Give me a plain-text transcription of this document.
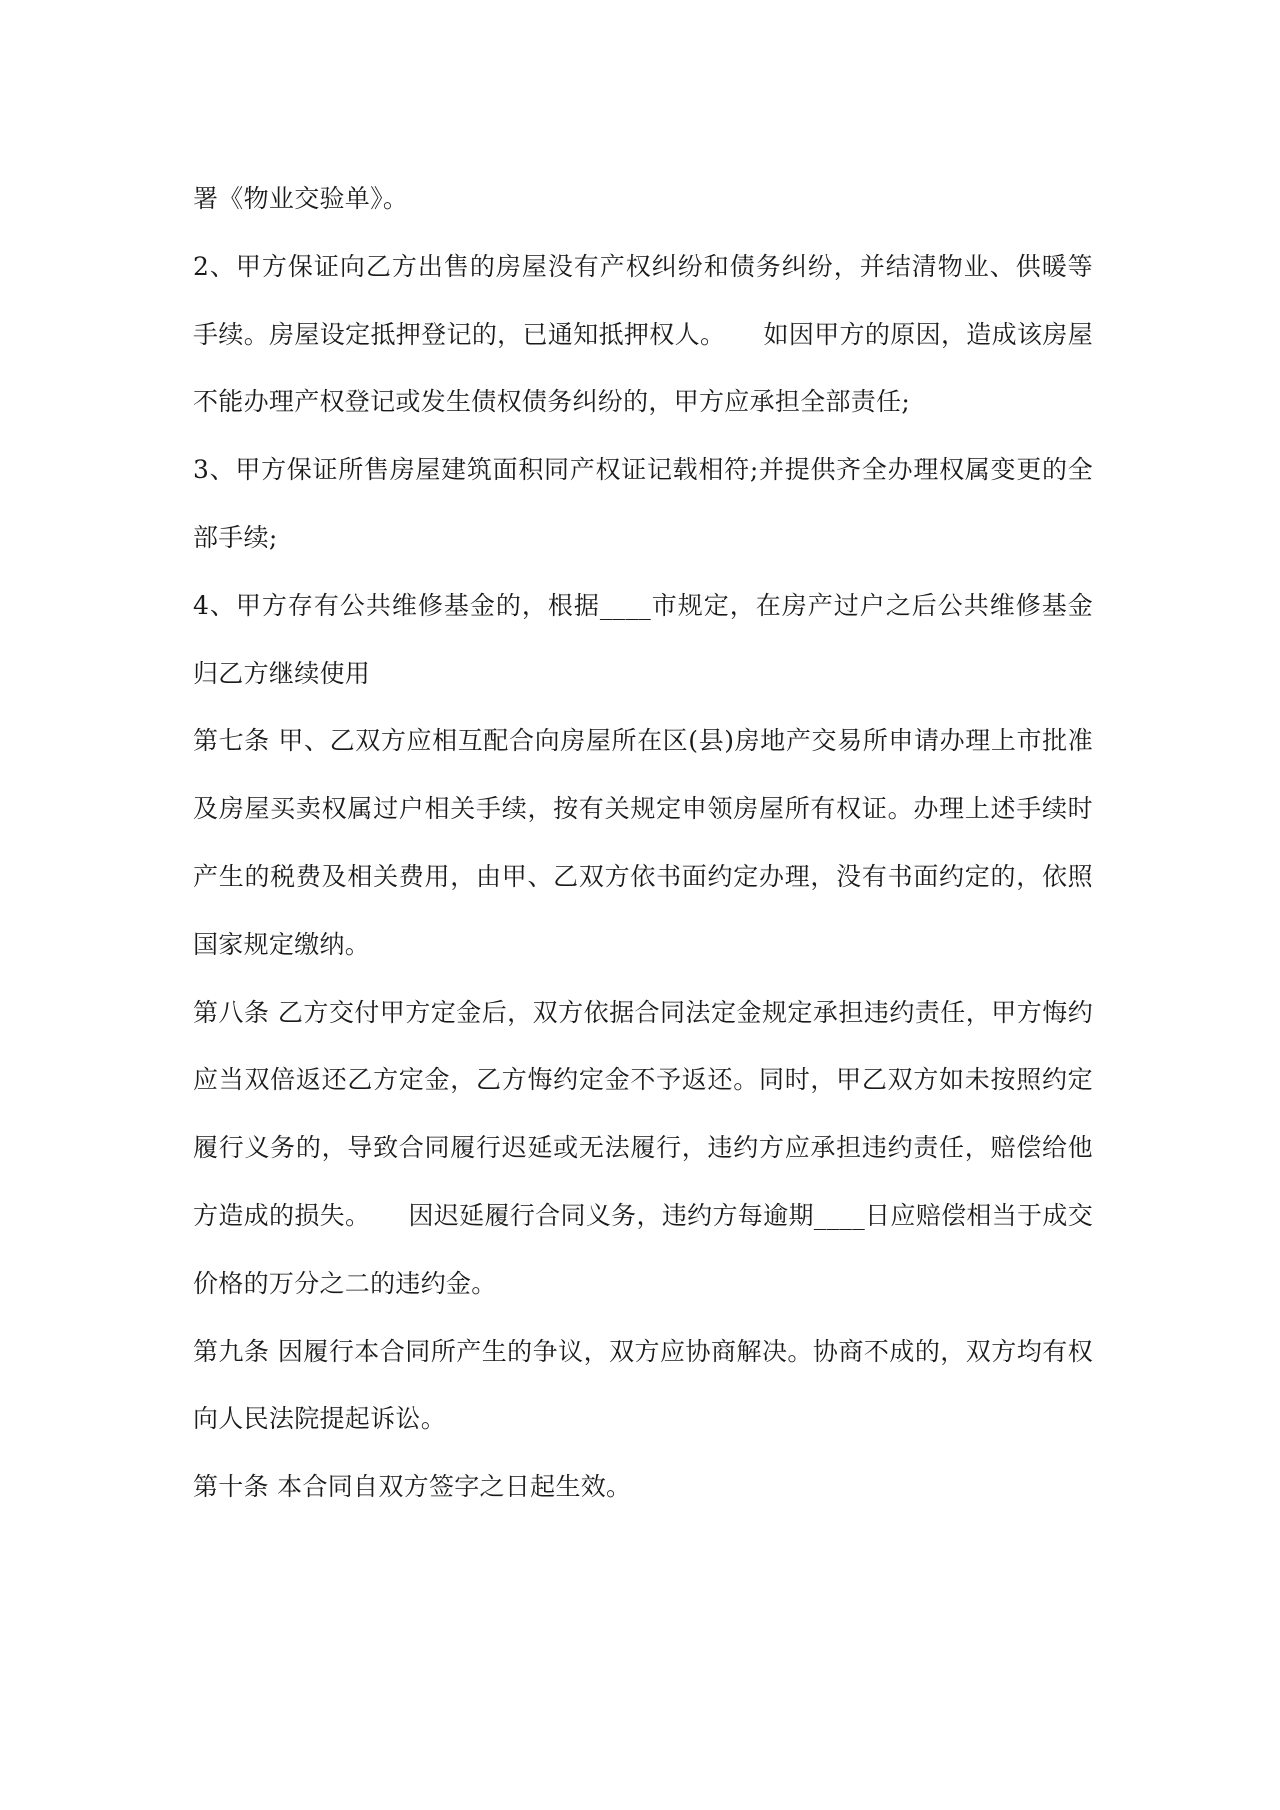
署《物业交验单》。

2、甲方保证向乙方出售的房屋没有产权纠纷和债务纠纷，并结清物业、供暖等手续。房屋设定抵押登记的，已通知抵押权人。　　如因甲方的原因，造成该房屋不能办理产权登记或发生债权债务纠纷的，甲方应承担全部责任;

3、甲方保证所售房屋建筑面积同产权证记载相符;并提供齐全办理权属变更的全部手续;

4、甲方存有公共维修基金的，根据____市规定，在房产过户之后公共维修基金归乙方继续使用

第七条 甲、乙双方应相互配合向房屋所在区(县)房地产交易所申请办理上市批准及房屋买卖权属过户相关手续，按有关规定申领房屋所有权证。办理上述手续时产生的税费及相关费用，由甲、乙双方依书面约定办理，没有书面约定的，依照国家规定缴纳。

第八条 乙方交付甲方定金后，双方依据合同法定金规定承担违约责任，甲方悔约应当双倍返还乙方定金，乙方悔约定金不予返还。同时，甲乙双方如未按照约定履行义务的，导致合同履行迟延或无法履行，违约方应承担违约责任，赔偿给他方造成的损失。　　因迟延履行合同义务，违约方每逾期____日应赔偿相当于成交价格的万分之二的违约金。

第九条 因履行本合同所产生的争议，双方应协商解决。协商不成的，双方均有权向人民法院提起诉讼。

第十条 本合同自双方签字之日起生效。
